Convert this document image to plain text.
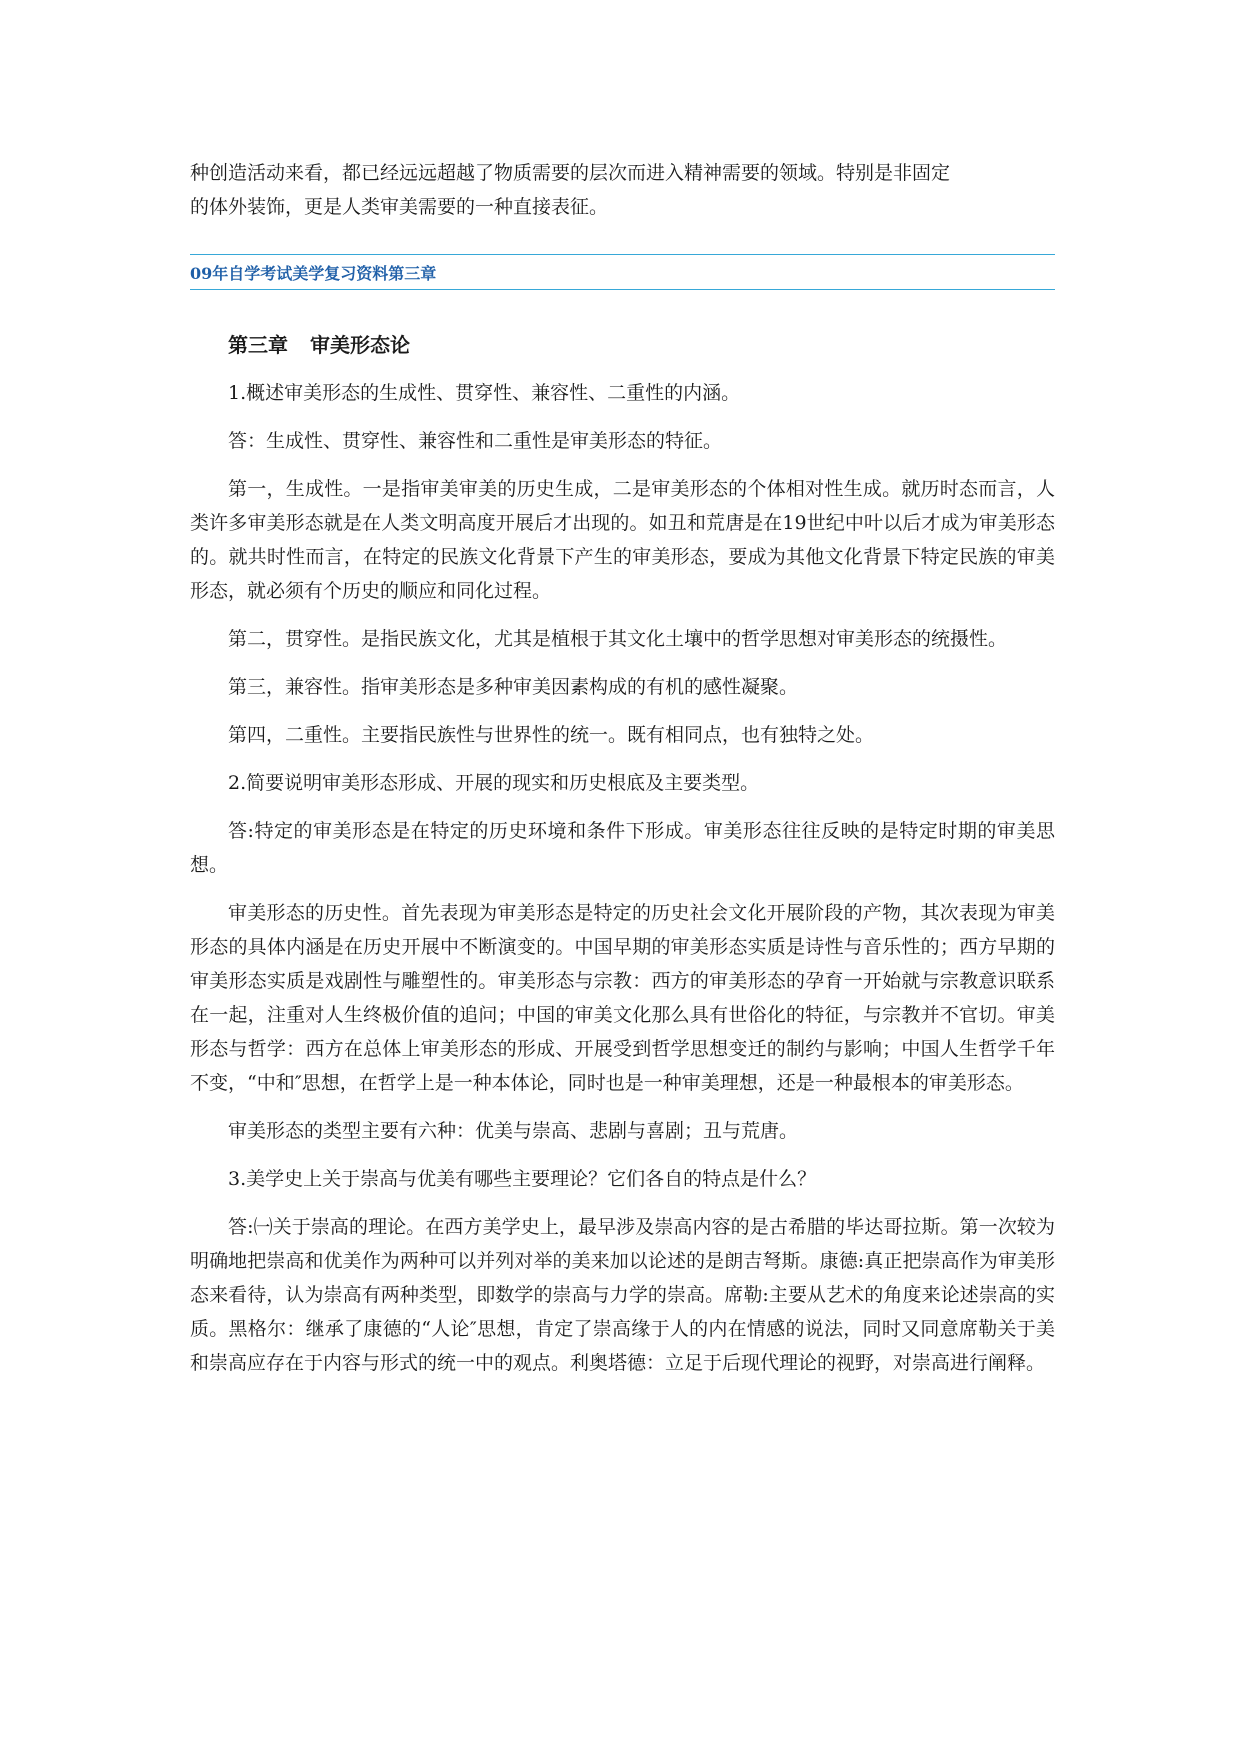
种创造活动来看，都已经远远超越了物质需要的层次而进入精神需要的领域。特别是非固定
的体外装饰，更是人类审美需要的一种直接表征。

09年自学考试美学复习资料第三章
第三章 审美形态论

1.概述审美形态的生成性、贯穿性、兼容性、二重性的内涵。

答：生成性、贯穿性、兼容性和二重性是审美形态的特征。

第一，生成性。一是指审美审美的历史生成，二是审美形态的个体相对性生成。就历时态而言，人类许多审美形态就是在人类文明高度开展后才出现的。如丑和荒唐是在19世纪中叶以后才成为审美形态的。就共时性而言，在特定的民族文化背景下产生的审美形态，要成为其他文化背景下特定民族的审美形态，就必须有个历史的顺应和同化过程。

第二，贯穿性。是指民族文化，尤其是植根于其文化土壤中的哲学思想对审美形态的统摄性。

第三，兼容性。指审美形态是多种审美因素构成的有机的感性凝聚。

第四，二重性。主要指民族性与世界性的统一。既有相同点，也有独特之处。

2.简要说明审美形态形成、开展的现实和历史根底及主要类型。

答:特定的审美形态是在特定的历史环境和条件下形成。审美形态往往反映的是特定时期的审美思想。

审美形态的历史性。首先表现为审美形态是特定的历史社会文化开展阶段的产物，其次表现为审美形态的具体内涵是在历史开展中不断演变的。中国早期的审美形态实质是诗性与音乐性的；西方早期的审美形态实质是戏剧性与雕塑性的。审美形态与宗教：西方的审美形态的孕育一开始就与宗教意识联系在一起，注重对人生终极价值的追问；中国的审美文化那么具有世俗化的特征，与宗教并不官切。审美形态与哲学：西方在总体上审美形态的形成、开展受到哲学思想变迁的制约与影响；中国人生哲学千年不变，“中和″思想，在哲学上是一种本体论，同时也是一种审美理想，还是一种最根本的审美形态。

审美形态的类型主要有六种：优美与崇高、悲剧与喜剧；丑与荒唐。

3.美学史上关于崇高与优美有哪些主要理论？它们各自的特点是什么？

答:㈠关于崇高的理论。在西方美学史上，最早涉及崇高内容的是古希腊的毕达哥拉斯。第一次较为明确地把崇高和优美作为两种可以并列对举的美来加以论述的是朗吉弩斯。康德:真正把崇高作为审美形态来看待，认为崇高有两种类型，即数学的崇高与力学的崇高。席勒:主要从艺术的角度来论述崇高的实质。黑格尔：继承了康德的“人论″思想，肯定了崇高缘于人的内在情感的说法，同时又同意席勒关于美和崇高应存在于内容与形式的统一中的观点。利奥塔德：立足于后现代理论的视野，对崇高进行阐释。
